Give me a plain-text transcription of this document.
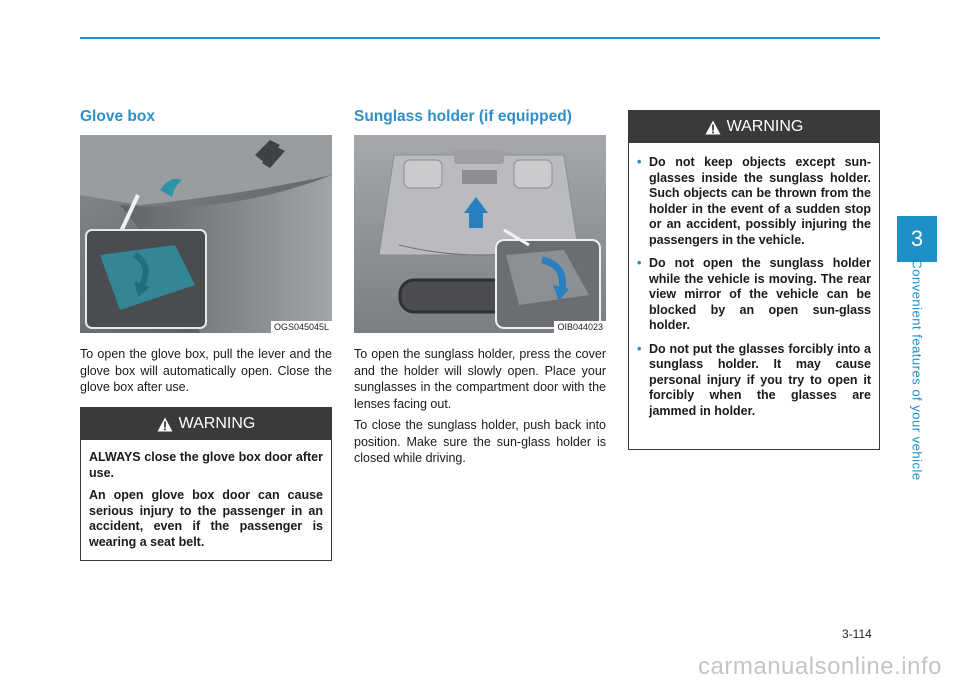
3
Convenient features of your vehicle
Glove box
OGS045045L

To open the glove box, pull the lever and the glove box will automatically open. Close the glove box after use.

WARNING

ALWAYS close the glove box door after use.

An open glove box door can cause serious injury to the passenger in an accident, even if the passenger is wearing a seat belt.

Sunglass holder (if equipped)
OIB044023

To open the sunglass holder, press the cover and the holder will slowly open. Place your sunglasses in the compartment door with the lenses facing out.

To close the sunglass holder, push back into position. Make sure the sun-glass holder is closed while driving.

WARNING
• Do not keep objects except sun-glasses inside the sunglass holder. Such objects can be thrown from the holder in the event of a sudden stop or an accident, possibly injuring the passengers in the vehicle.
• Do not open the sunglass holder while the vehicle is moving. The rear view mirror of the vehicle can be blocked by an open sun-glass holder.
• Do not put the glasses forcibly into a sunglass holder. It may cause personal injury if you try to open it forcibly when the glasses are jammed in holder.
3-114
carmanualsonline.info
